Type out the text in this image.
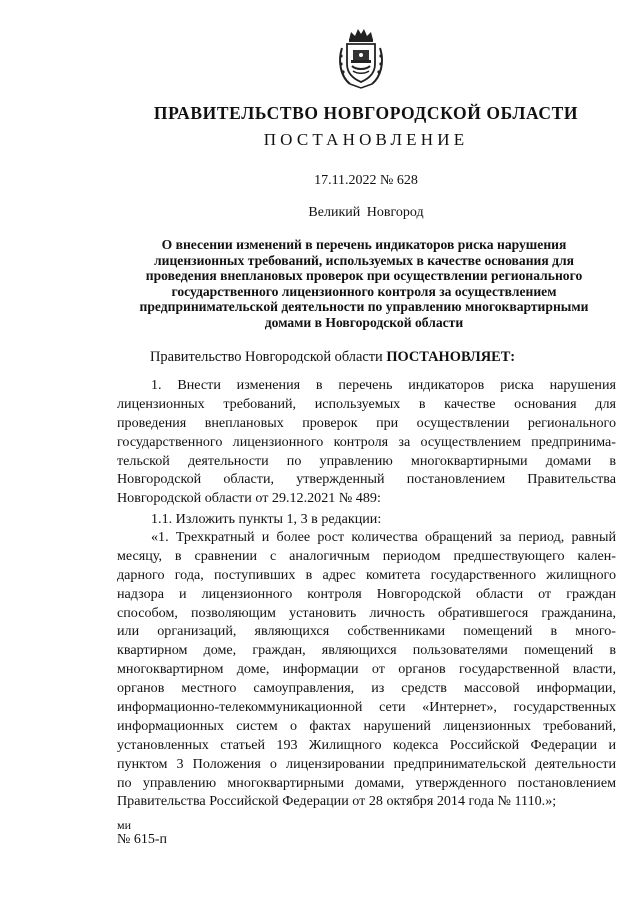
ПРАВИТЕЛЬСТВО НОВГОРОДСКОЙ ОБЛАСТИ
ПОСТАНОВЛЕНИЕ
17.11.2022 № 628
Великий Новгород
О внесении изменений в перечень индикаторов риска нарушения
лицензионных требований, используемых в качестве основания для
проведения внеплановых проверок при осуществлении регионального
государственного лицензионного контроля за осуществлением
предпринимательской деятельности по управлению многоквартирными
домами в Новгородской области
Правительство Новгородской области ПОСТАНОВЛЯЕТ:
1. Внести изменения в перечень индикаторов риска нарушения
лицензионных требований, используемых в качестве основания для
проведения внеплановых проверок при осуществлении регионального
государственного лицензионного контроля за осуществлением предпринима-
тельской деятельности по управлению многоквартирными домами в
Новгородской области, утвержденный постановлением Правительства
Новгородской области от 29.12.2021 № 489:
1.1. Изложить пункты 1, 3 в редакции:
«1. Трехкратный и более рост количества обращений за период, равный
месяцу, в сравнении с аналогичным периодом предшествующего кален-
дарного года, поступивших в адрес комитета государственного жилищного
надзора и лицензионного контроля Новгородской области от граждан
способом, позволяющим установить личность обратившегося гражданина,
или организаций, являющихся собственниками помещений в много-
квартирном доме, граждан, являющихся пользователями помещений в
многоквартирном доме, информации от органов государственной власти,
органов местного самоуправления, из средств массовой информации,
информационно-телекоммуникационной сети «Интернет», государственных
информационных систем о фактах нарушений лицензионных требований,
установленных статьей 193 Жилищного кодекса Российской Федерации и
пунктом 3 Положения о лицензировании предпринимательской деятельности
по управлению многоквартирными домами, утвержденного постановлением
Правительства Российской Федерации от 28 октября 2014 года № 1110.»;
ми
№ 615-п
